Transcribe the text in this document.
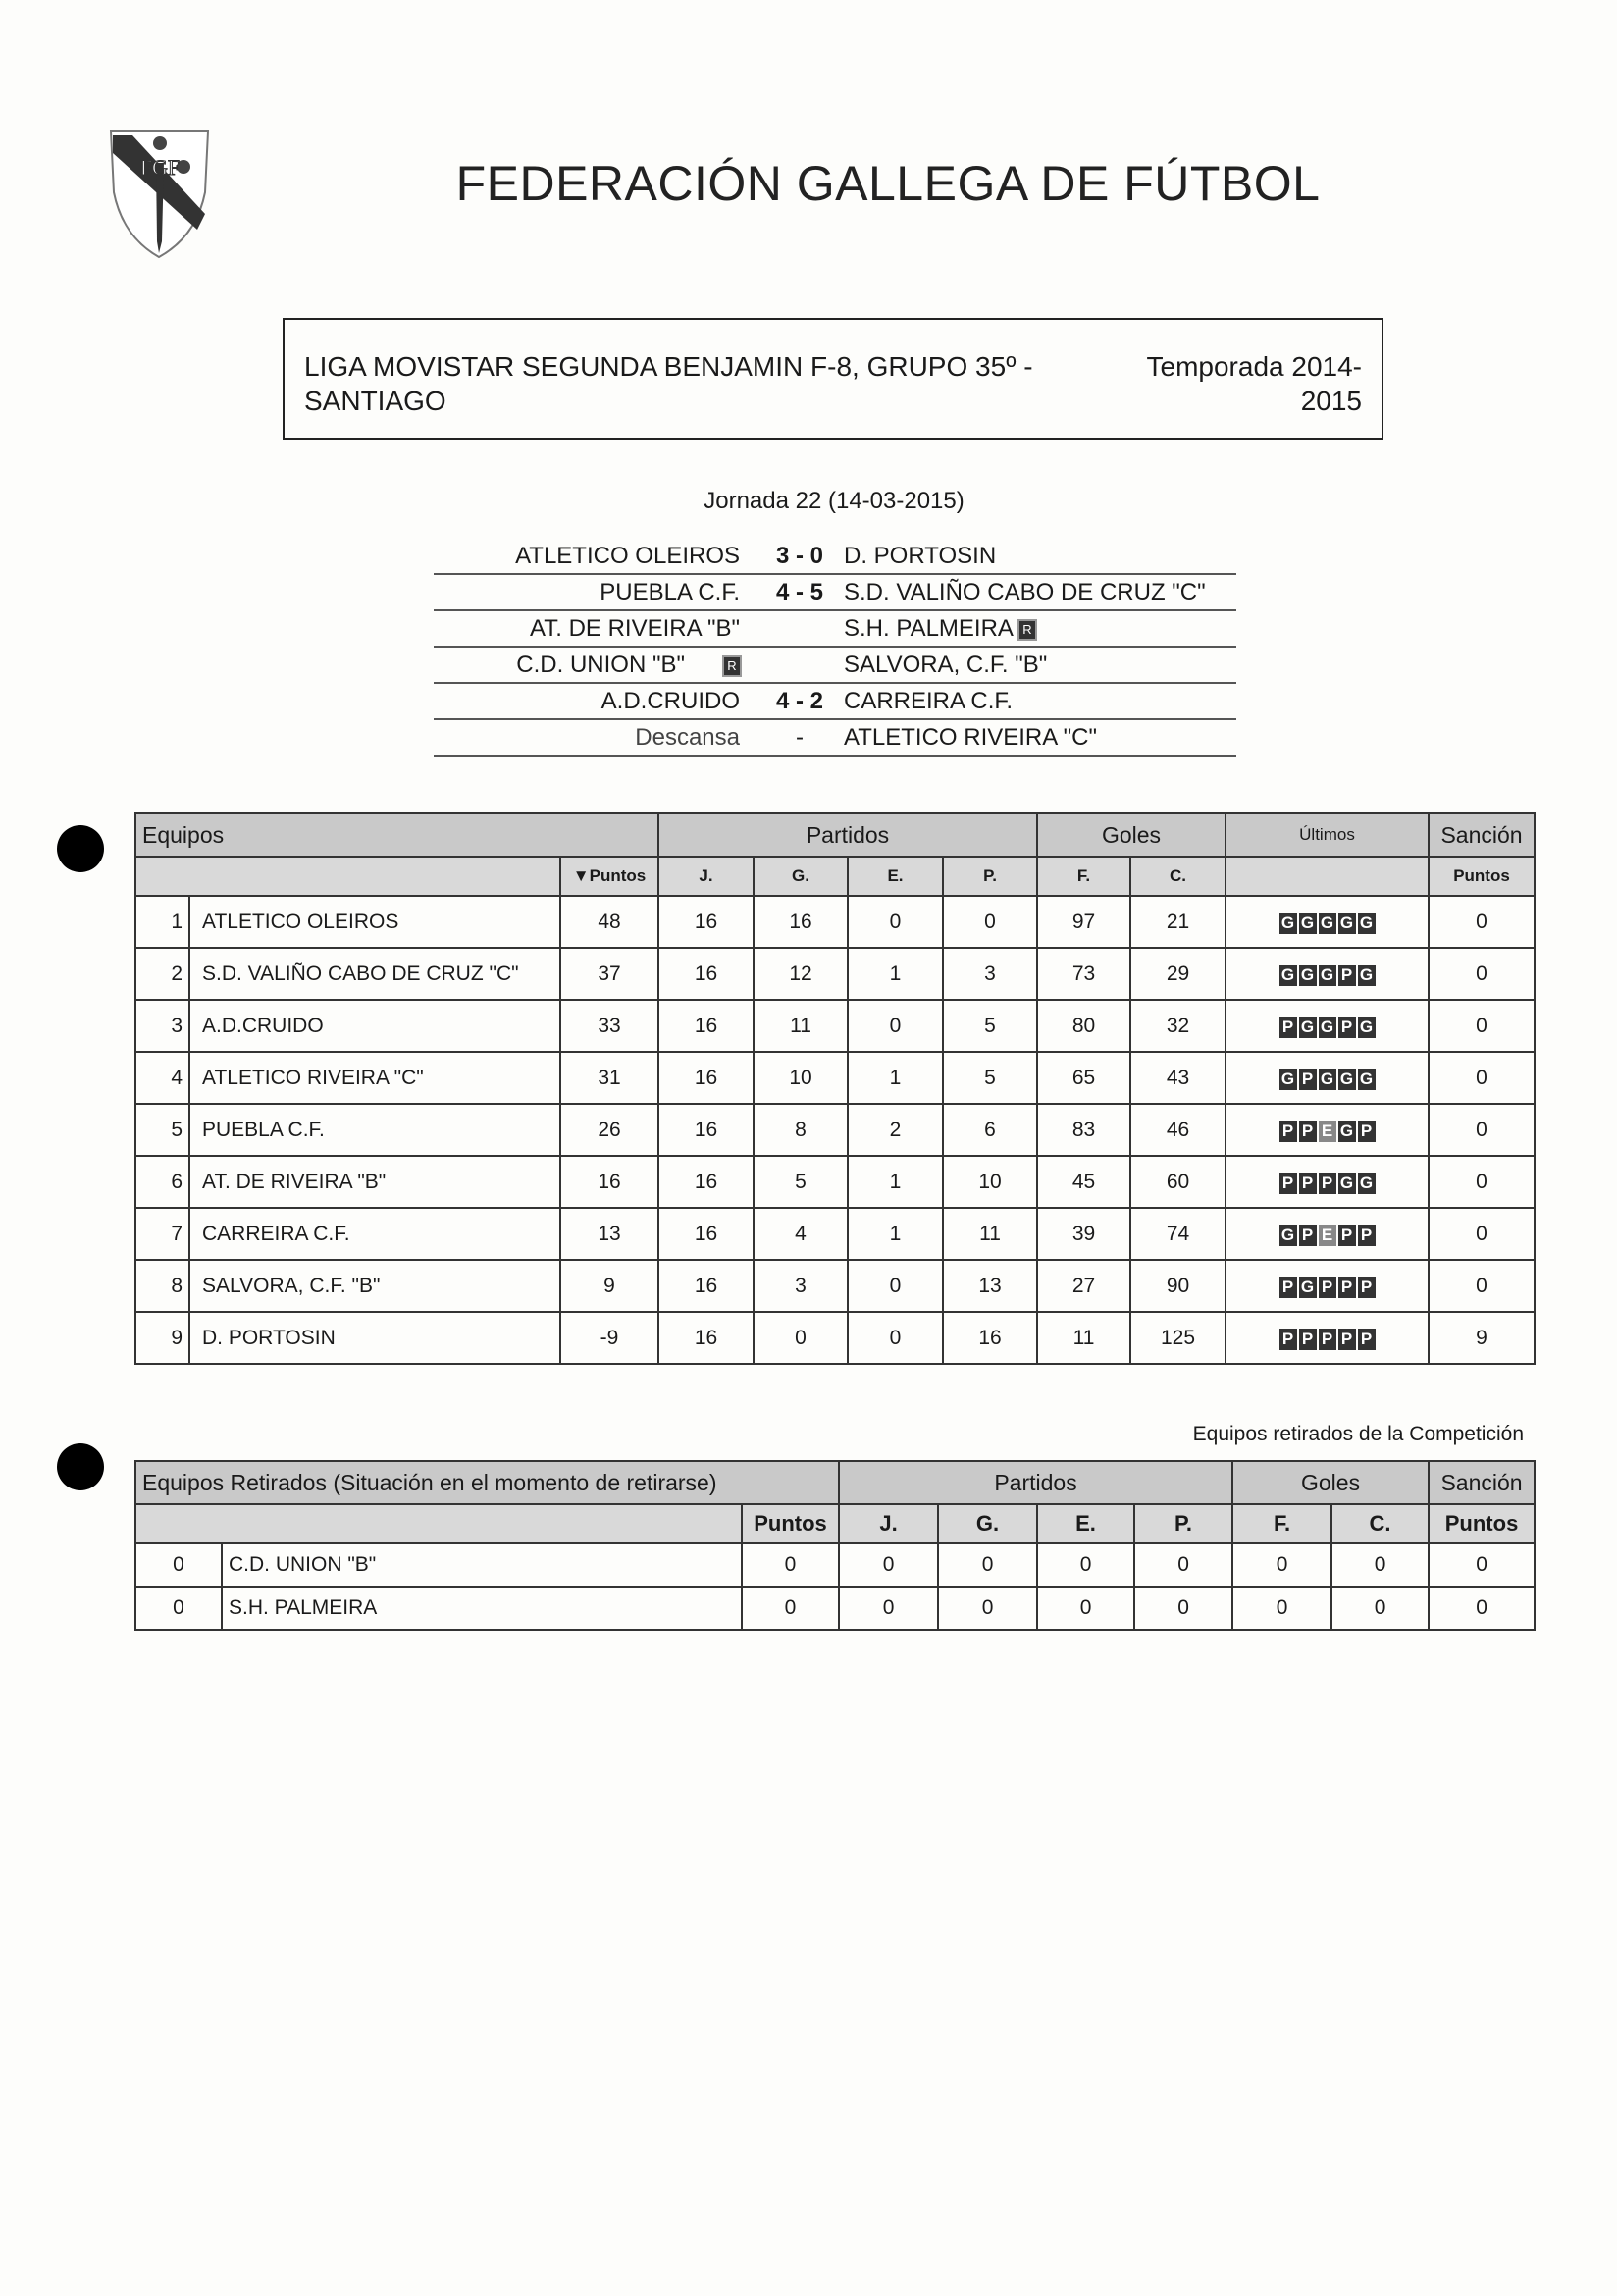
FGF	FEDERACIÓN GALLEGA DE FÚTBOL
LIGA MOVISTAR SEGUNDA BENJAMIN F-8, GRUPO 35º - SANTIAGO
Temporada 2014-2015
Jornada 22 (14-03-2015)
ATLETICO OLEIROS	3 - 0 D. PORTOSIN
PUEBLA C.F.	4 - 5 S.D. VALIÑO CABO DE CRUZ "C"
AT. DE RIVEIRA "B"	S.H. PALMEIRA R
C.D. UNION "B"	R	SALVORA, C.F. "B"
A.D.CRUIDO	4 - 2 CARREIRA C.F.
Descansa	-	ATLETICO RIVEIRA "C"
Equipos			Partidos				Goles		Últimos	Sanción
		▼Puntos	J.	G.	E.	P.	F.	C.		Puntos
1	ATLETICO OLEIROS	48	16	16	0	0	97	21	G G G G G	0
2	S.D. VALIÑO CABO DE CRUZ "C"	37	16	12	1	3	73	29	G G G P G	0
3	A.D.CRUIDO	33	16	11	0	5	80	32	P G G P G	0
4	ATLETICO RIVEIRA "C"	31	16	10	1	5	65	43	G P G G G	0
5	PUEBLA C.F.	26	16	8	2	6	83	46	P P E G P	0
6	AT. DE RIVEIRA "B"	16	16	5	1	10	45	60	P P P G G	0
7	CARREIRA C.F.	13	16	4	1	11	39	74	G P E P P	0
8	SALVORA, C.F. "B"	9	16	3	0	13	27	90	P G P P P	0
9	D. PORTOSIN	-9	16	0	0	16	11	125	P P P P P	9
Equipos retirados de la Competición
Equipos Retirados (Situación en el momento de retirarse)			Partidos				Goles		Sanción
		Puntos	J.	G.	E.	P.	F.	C.	Puntos
0	C.D. UNION "B"	0	0	0	0	0	0	0	0
0	S.H. PALMEIRA	0	0	0	0	0	0	0	0
